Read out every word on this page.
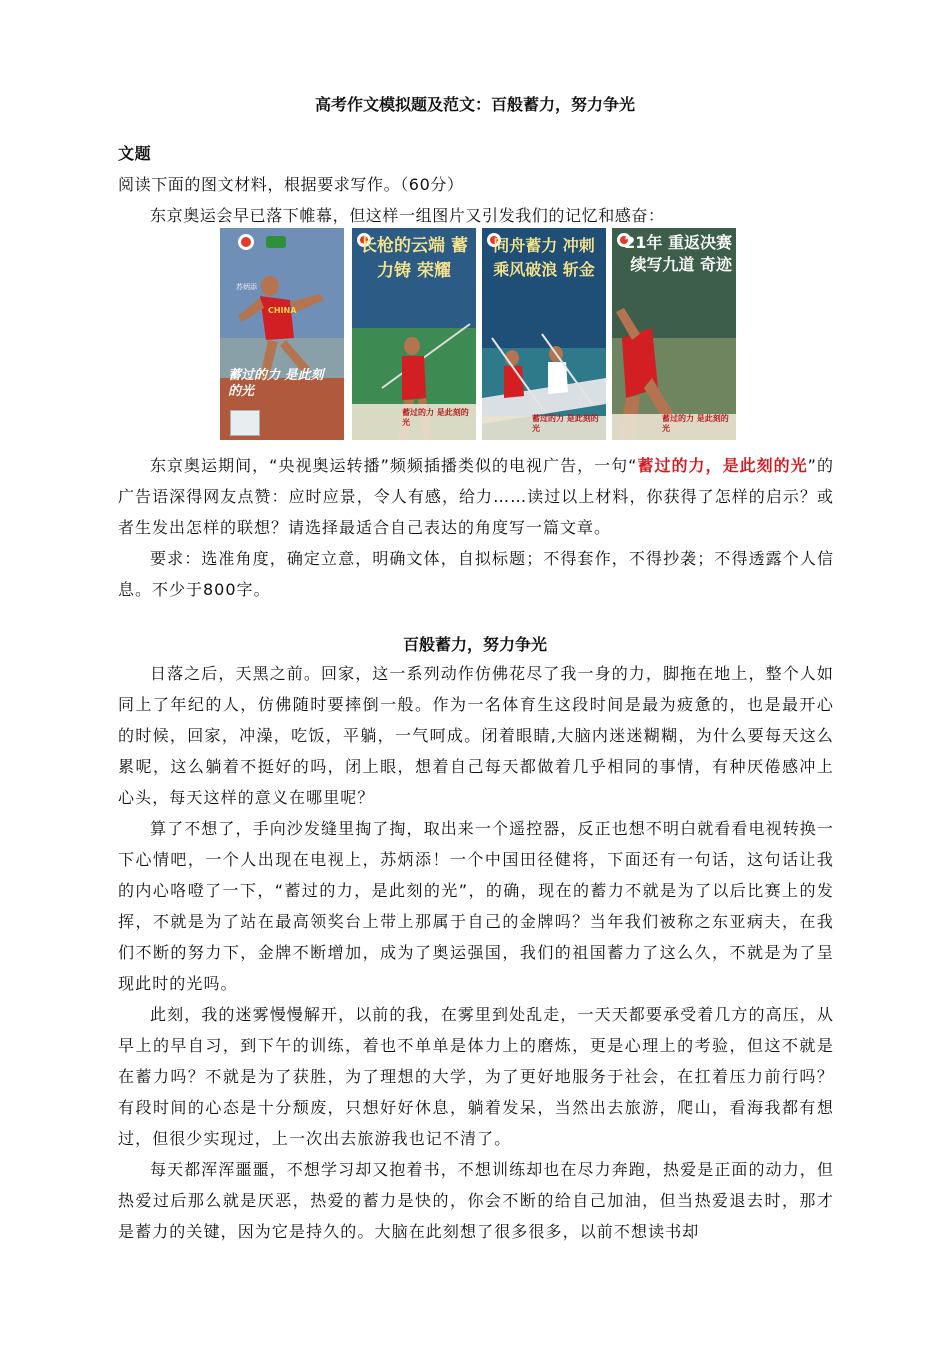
高考作文模拟题及范文：百般蓄力，努力争光

文题

阅读下面的图文材料，根据要求写作。（60分）

东京奥运会早已落下帷幕，但这样一组图片又引发我们的记忆和感奋：

苏炳添
CHINA
蓄过的力 是此刻的光
长枪的云端 蓄力铸 荣耀
蓄过的力 是此刻的光
同舟蓄力 冲刺 乘风破浪 斩金
蓄过的力 是此刻的光
21年 重返决赛 续写九道 奇迹
蓄过的力 是此刻的光

东京奥运期间，“央视奥运转播”频频插播类似的电视广告，一句“蓄过的力，是此刻的光”的广告语深得网友点赞：应时应景，令人有感，给力……读过以上材料，你获得了怎样的启示？或者生发出怎样的联想？请选择最适合自己表达的角度写一篇文章。

要求：选准角度，确定立意，明确文体，自拟标题；不得套作，不得抄袭；不得透露个人信息。不少于800字。

百般蓄力，努力争光

日落之后，天黑之前。回家，这一系列动作仿佛花尽了我一身的力，脚拖在地上，整个人如同上了年纪的人，仿佛随时要摔倒一般。作为一名体育生这段时间是最为疲惫的，也是最开心的时候，回家，冲澡，吃饭，平躺，一气呵成。闭着眼睛,大脑内迷迷糊糊，为什么要每天这么累呢，这么躺着不挺好的吗，闭上眼，想着自己每天都做着几乎相同的事情，有种厌倦感冲上心头，每天这样的意义在哪里呢？

算了不想了，手向沙发缝里掏了掏，取出来一个遥控器，反正也想不明白就看看电视转换一下心情吧，一个人出现在电视上，苏炳添！一个中国田径健将，下面还有一句话，这句话让我的内心咯噔了一下，“蓄过的力，是此刻的光”，的确，现在的蓄力不就是为了以后比赛上的发挥，不就是为了站在最高领奖台上带上那属于自己的金牌吗？当年我们被称之东亚病夫，在我们不断的努力下，金牌不断增加，成为了奥运强国，我们的祖国蓄力了这么久，不就是为了呈现此时的光吗。

此刻，我的迷雾慢慢解开，以前的我，在雾里到处乱走，一天天都要承受着几方的高压，从早上的早自习，到下午的训练，着也不单单是体力上的磨炼，更是心理上的考验，但这不就是在蓄力吗？不就是为了获胜，为了理想的大学，为了更好地服务于社会，在扛着压力前行吗？有段时间的心态是十分颓废，只想好好休息，躺着发呆，当然出去旅游，爬山，看海我都有想过，但很少实现过，上一次出去旅游我也记不清了。

每天都浑浑噩噩，不想学习却又抱着书，不想训练却也在尽力奔跑，热爱是正面的动力，但热爱过后那么就是厌恶，热爱的蓄力是快的，你会不断的给自己加油，但当热爱退去时，那才是蓄力的关键，因为它是持久的。大脑在此刻想了很多很多，以前不想读书却
